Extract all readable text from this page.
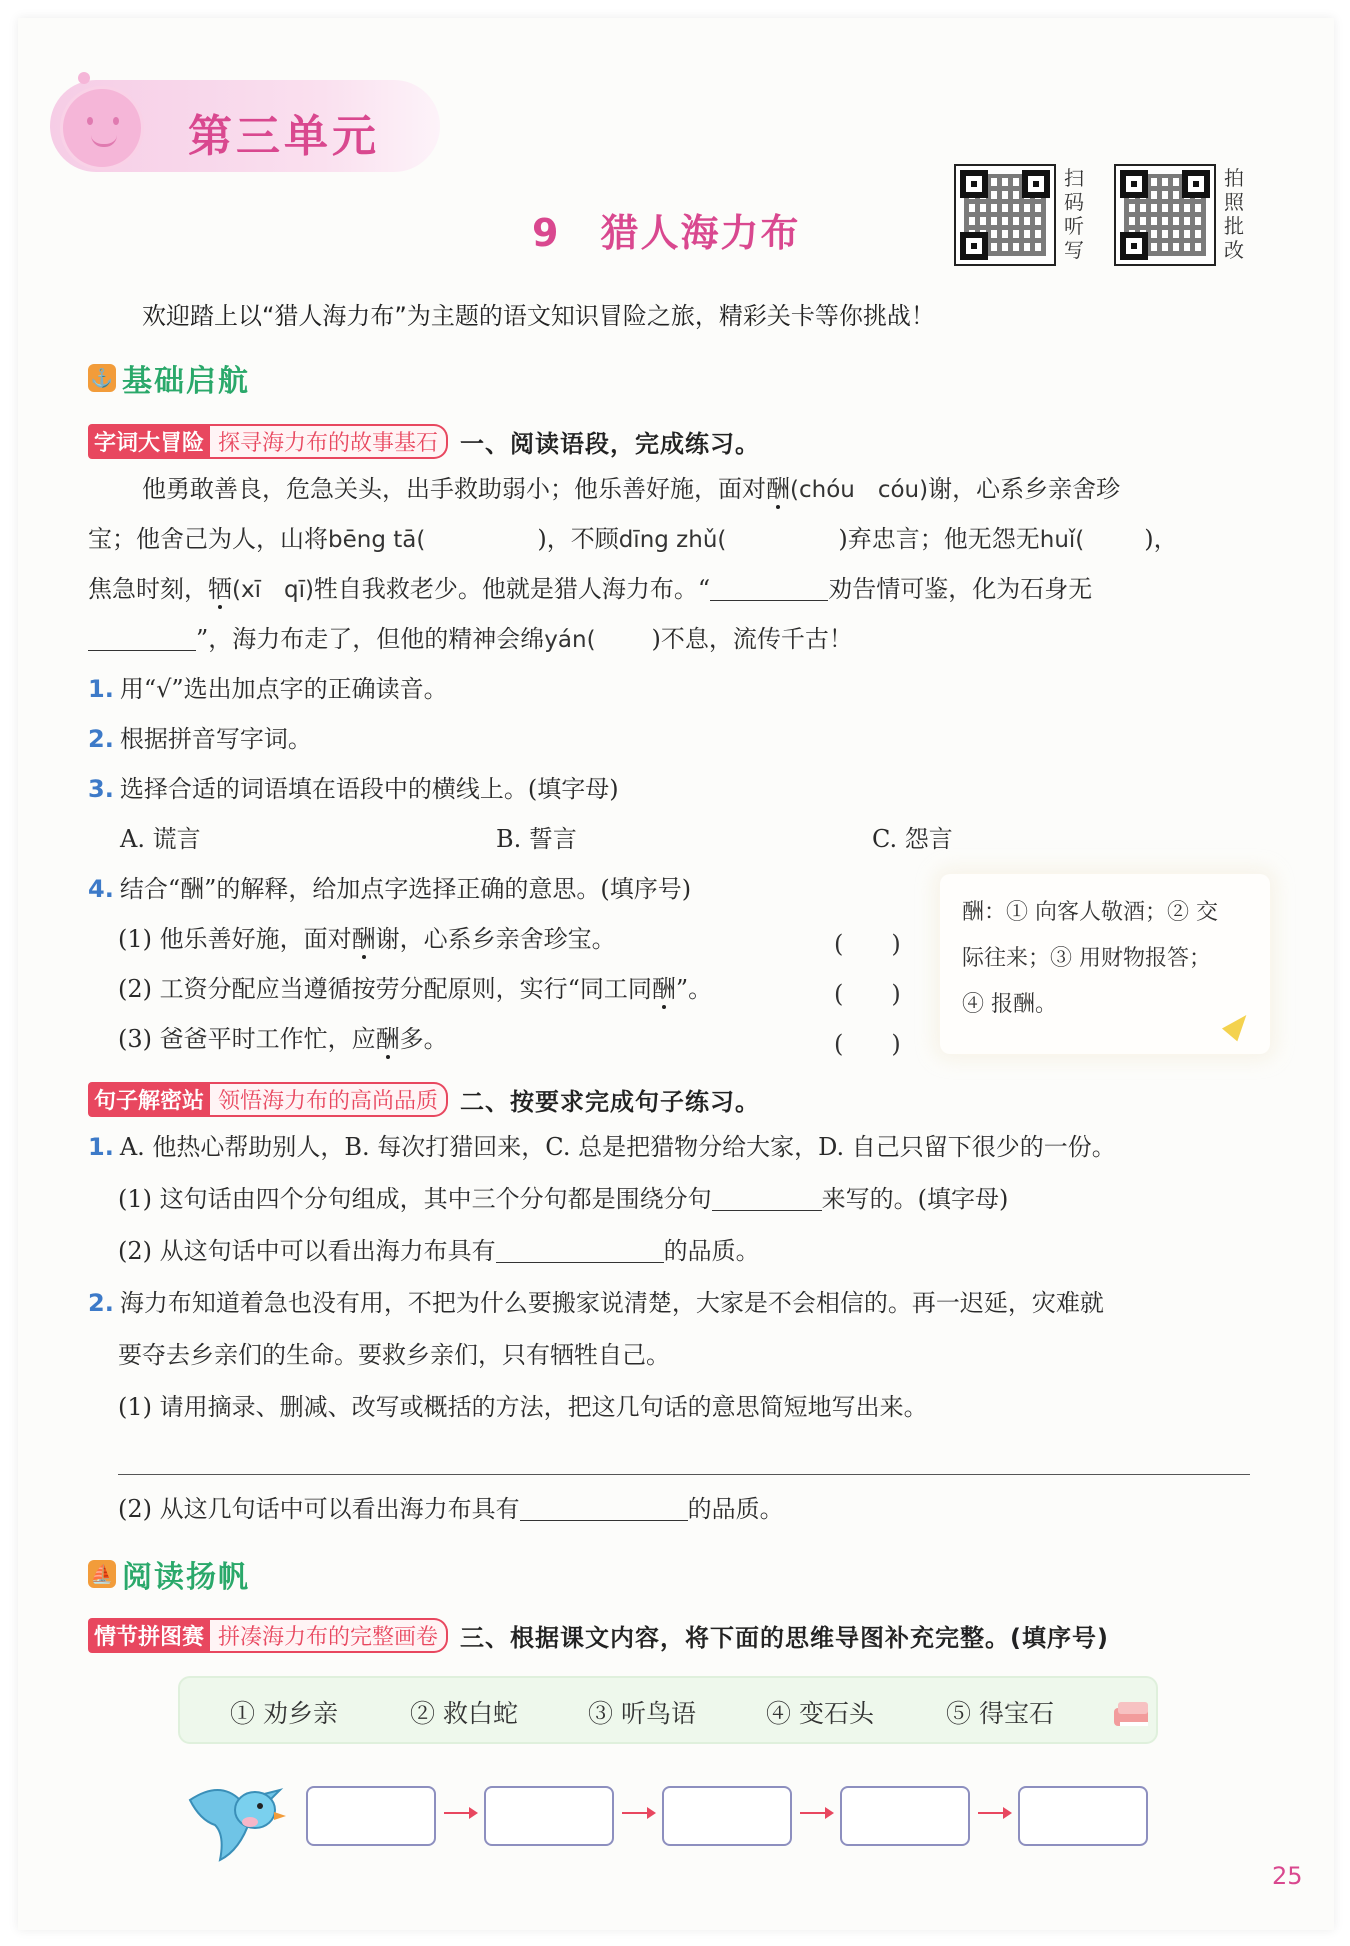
第三单元
9　 猎人海力布
扫码听写
拍照批改
欢迎踏上以“猎人海力布”为主题的语文知识冒险之旅，精彩关卡等你挑战！
⚓ 基础启航
字词大冒险 探寻海力布的故事基石 一、阅读语段，完成练习。
他勇敢善良，危急关头，出手救助弱小；他乐善好施，面对酬(chóu　cóu)谢，心系乡亲舍珍
宝；他舍己为人，山将bēng tā(	)，不顾dīng zhǔ(	)弃忠言；他无怨无huǐ(	)，
焦急时刻，牺(xī　qī)牲自我救老少。他就是猎人海力布。“	劝告情可鉴，化为石身无
”，海力布走了，但他的精神会绵yán( )不息，流传千古！
1. 用“√”选出加点字的正确读音。
2. 根据拼音写字词。
3. 选择合适的词语填在语段中的横线上。(填字母)
A. 谎言	B. 誓言	C. 怨言
4. 结合“酬”的解释，给加点字选择正确的意思。(填序号)
(1) 他乐善好施，面对酬谢，心系乡亲舍珍宝。	(　　)
(2) 工资分配应当遵循按劳分配原则，实行“同工同酬”。	(　　)
(3) 爸爸平时工作忙，应酬多。	(　　)
酬：① 向客人敬酒；② 交
际往来；③ 用财物报答；
④ 报酬。
句子解密站 领悟海力布的高尚品质 二、按要求完成句子练习。
1. A. 他热心帮助别人，B. 每次打猎回来，C. 总是把猎物分给大家，D. 自己只留下很少的一份。
(1) 这句话由四个分句组成，其中三个分句都是围绕分句	来写的。(填字母)
(2) 从这句话中可以看出海力布具有	的品质。
2. 海力布知道着急也没有用，不把为什么要搬家说清楚，大家是不会相信的。再一迟延，灾难就
要夺去乡亲们的生命。要救乡亲们，只有牺牲自己。
(1) 请用摘录、删减、改写或概括的方法，把这几句话的意思简短地写出来。
(2) 从这几句话中可以看出海力布具有	的品质。
⛵ 阅读扬帆
情节拼图赛 拼凑海力布的完整画卷 三、根据课文内容，将下面的思维导图补充完整。(填序号)
① 劝乡亲	② 救白蛇	③ 听鸟语	④ 变石头	⑤ 得宝石
25
